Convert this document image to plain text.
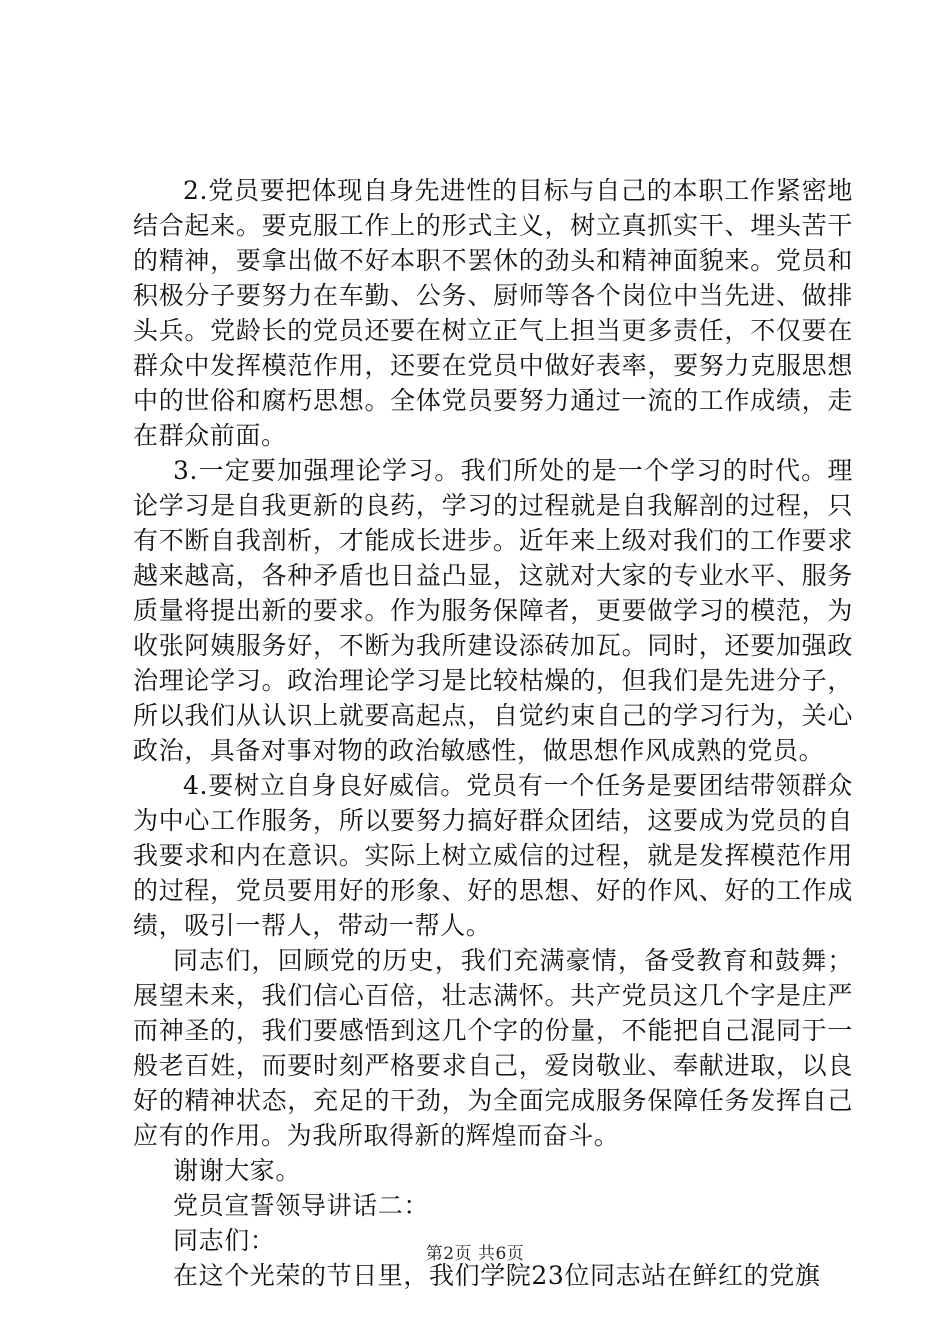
2.党员要把体现自身先进性的目标与自己的本职工作紧密地结合起来。要克服工作上的形式主义，树立真抓实干、埋头苦干的精神，要拿出做不好本职不罢休的劲头和精神面貌来。党员和积极分子要努力在车勤、公务、厨师等各个岗位中当先进、做排头兵。党龄长的党员还要在树立正气上担当更多责任，不仅要在群众中发挥模范作用，还要在党员中做好表率，要努力克服思想中的世俗和腐朽思想。全体党员要努力通过一流的工作成绩，走在群众前面。

3.一定要加强理论学习。我们所处的是一个学习的时代。理论学习是自我更新的良药，学习的过程就是自我解剖的过程，只有不断自我剖析，才能成长进步。近年来上级对我们的工作要求越来越高，各种矛盾也日益凸显，这就对大家的专业水平、服务质量将提出新的要求。作为服务保障者，更要做学习的模范，为收张阿姨服务好，不断为我所建设添砖加瓦。同时，还要加强政治理论学习。政治理论学习是比较枯燥的，但我们是先进分子，所以我们从认识上就要高起点，自觉约束自己的学习行为，关心政治，具备对事对物的政治敏感性，做思想作风成熟的党员。

4.要树立自身良好威信。党员有一个任务是要团结带领群众为中心工作服务，所以要努力搞好群众团结，这要成为党员的自我要求和内在意识。实际上树立威信的过程，就是发挥模范作用的过程，党员要用好的形象、好的思想、好的作风、好的工作成绩，吸引一帮人，带动一帮人。

同志们，回顾党的历史，我们充满豪情，备受教育和鼓舞；展望未来，我们信心百倍，壮志满怀。共产党员这几个字是庄严而神圣的，我们要感悟到这几个字的份量，不能把自己混同于一般老百姓，而要时刻严格要求自己，爱岗敬业、奉献进取，以良好的精神状态，充足的干劲，为全面完成服务保障任务发挥自己应有的作用。为我所取得新的辉煌而奋斗。

谢谢大家。

党员宣誓领导讲话二：

同志们：

在这个光荣的节日里，我们学院23位同志站在鲜红的党旗

第2页 共6页
